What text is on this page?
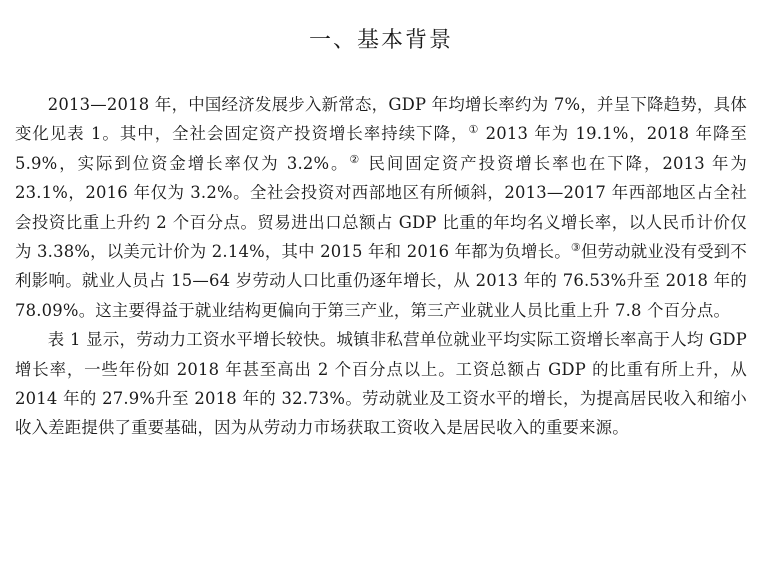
一、基本背景

2013—2018 年，中国经济发展步入新常态，GDP 年均增长率约为 7%，并呈下降趋势，具体变化见表 1。其中，全社会固定资产投资增长率持续下降，① 2013 年为 19.1%，2018 年降至 5.9%，实际到位资金增长率仅为 3.2%。② 民间固定资产投资增长率也在下降，2013 年为 23.1%，2016 年仅为 3.2%。全社会投资对西部地区有所倾斜，2013—2017 年西部地区占全社会投资比重上升约 2 个百分点。贸易进出口总额占 GDP 比重的年均名义增长率，以人民币计价仅为 3.38%，以美元计价为 2.14%，其中 2015 年和 2016 年都为负增长。③但劳动就业没有受到不利影响。就业人员占 15—64 岁劳动人口比重仍逐年增长，从 2013 年的 76.53%升至 2018 年的 78.09%。这主要得益于就业结构更偏向于第三产业，第三产业就业人员比重上升 7.8 个百分点。

表 1 显示，劳动力工资水平增长较快。城镇非私营单位就业平均实际工资增长率高于人均 GDP 增长率，一些年份如 2018 年甚至高出 2 个百分点以上。工资总额占 GDP 的比重有所上升，从 2014 年的 27.9%升至 2018 年的 32.73%。劳动就业及工资水平的增长，为提高居民收入和缩小收入差距提供了重要基础，因为从劳动力市场获取工资收入是居民收入的重要来源。
